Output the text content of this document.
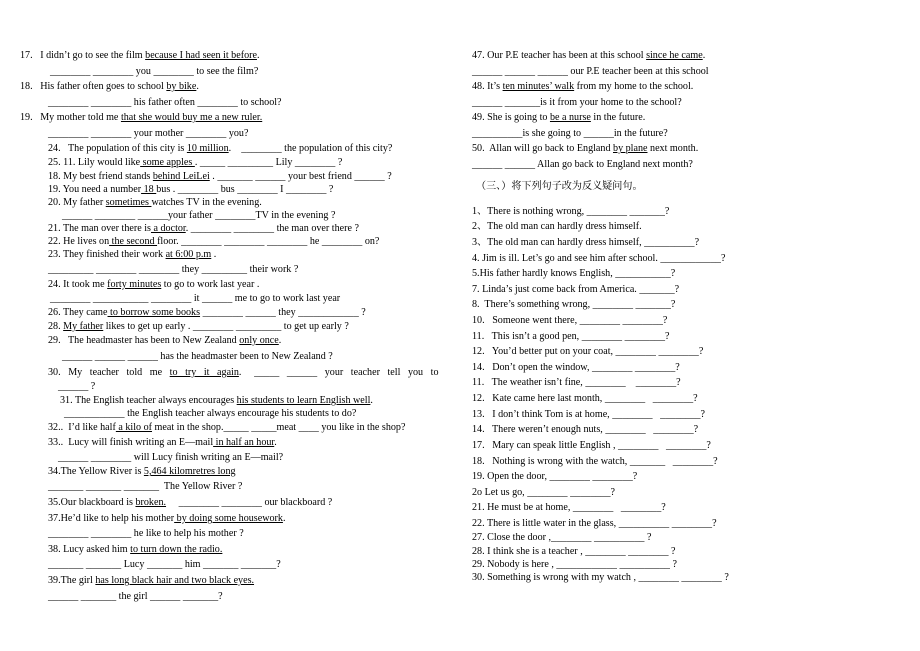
17.   I didn’t go to see the film because I had seen it before.
________ ________ you ________ to see the film?
18.   His father often goes to school by bike.
________ ________ his father often ________ to school?
19.   My mother told me that she would buy me a new ruler.
________ ________ your mother ________ you?
24.   The population of this city is 10 million.    ________ the population of this city?
25. 11. Lily would like some apples . _____ _________ Lily ________ ?
18. My best friend stands behind LeiLei . _______ ______ your best friend ______ ?
19. You need a number 18 bus . ________ bus ________ I ________ ?
20. My father sometimes watches TV in the evening.
______ ________ ______your father ________TV in the evening ?
21. The man over there is a doctor. ________ ________ the man over there ?
22. He lives on the second floor. ________ ________ ________ he ________ on?
23. They finished their work at 6:00 p.m .
_________ ________ ________ they _________ their work ?
24. It took me forty minutes to go to work last year .
________ ___________ ________ it ______ me to go to work last year
26. They came to borrow some books ________ ______ they ____________ ?
28. My father likes to get up early . ________ _________ to get up early ?
29.   The headmaster has been to New Zealand only once.
______ ______ ______ has the headmaster been to New Zealand ?
30.   My   teacher   told   me   to   try   it   again.     _____   ______   your   teacher   tell   you   to
______ ?
31. The English teacher always encourages his students to learn English well.
____________ the English teacher always encourage his students to do?
32..  I’d like half a kilo of meat in the shop._____ _____meat ____ you like in the shop?
33..  Lucy will finish writing an E—mail in half an hour.
______ ________ will Lucy finish writing an E—mail?
34.The Yellow River is 5,464 kilomretres long
_______ _______ _______  The Yellow River ?
35.Our blackboard is broken.     ________ ________ our blackboard ?
37.He’d like to help his mother by doing some housework.
________ ________ he like to help his mother ?
38. Lucy asked him to turn down the radio.
_______ _______ Lucy _______ him _______ _______?
39.The girl has long black hair and two black eyes.
______ _______ the girl ______ _______?
47. Our P.E teacher has been at this school since he came.
______ ______ ______ our P.E teacher been at this school
48. It’s ten minutes’ walk from my home to the school.
______ _______is it from your home to the school?
49. She is going to be a nurse in the future.
__________is she going to ______in the future?
50.  Allan will go back to England by plane next month.
______ ______ Allan go back to England next month?
（三、）将下列句子改为反义疑问句。
1、There is nothing wrong, ________ _______?
2、The old man can hardly dress himself.
3、The old man can hardly dress himself, __________?
4. Jim is ill. Let’s go and see him after school. ____________?
5.His father hardly knows English, ___________?
7. Linda’s just come back from America. _______?
8.  There’s something wrong, ________ _______?
10.   Someone went there, ________ ________?
11.   This isn’t a good pen, ________ ________?
12.   You’d better put on your coat, ________ ________?
14.   Don’t open the window, ________ ________?
11.   The weather isn’t fine, ________    ________?
12.   Kate came here last month, ________   ________?
13.   I don’t think Tom is at home, ________   ________?
14.   There weren’t enough nuts, ________   ________?
17.   Mary can speak little English , ________   ________?
18.   Nothing is wrong with the watch, _______   ________?
19. Open the door, ________ ________?
2o Let us go, ________ ________?
21. He must be at home, ________   ________?
22. There is little water in the glass, __________ ________?
27. Close the door ,________ __________ ?
28. I think she is a teacher , ________ ________ ?
29. Nobody is here , ____________ __________ ?
30. Something is wrong with my watch , ________ ________ ?
